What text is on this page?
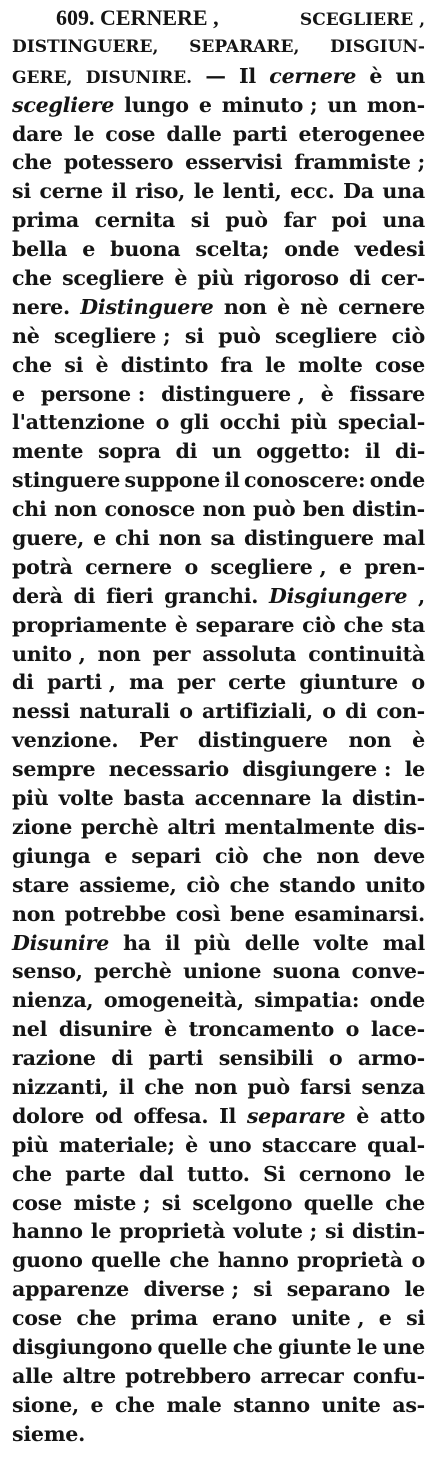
609. CERNERE ,	SCEGLIERE ,
DISTINGUERE, SEPARARE, DISGIUN-
GERE, DISUNIRE. — Il cernere è un
scegliere lungo e minuto ; un mon-
dare le cose dalle parti eterogenee
che potessero esservisi frammiste ;
si cerne il riso, le lenti, ecc. Da una
prima cernita si può far poi una
bella e buona scelta; onde vedesi
che scegliere è più rigoroso di cer-
nere. Distinguere non è nè cernere
nè scegliere ; si può scegliere ciò
che si è distinto fra le molte cose
e persone : distinguere , è fissare
l'attenzione o gli occhi più special-
mente sopra di un oggetto: il di-
stinguere suppone il conoscere: onde
chi non conosce non può ben distin-
guere, e chi non sa distinguere mal
potrà cernere o scegliere , e pren-
derà di fieri granchi. Disgiungere ,
propriamente è separare ciò che sta
unito , non per assoluta continuità
di parti , ma per certe giunture o
nessi naturali o artifiziali, o di con-
venzione. Per distinguere non è
sempre necessario disgiungere : le
più volte basta accennare la distin-
zione perchè altri mentalmente dis-
giunga e separi ciò che non deve
stare assieme, ciò che stando unito
non potrebbe così bene esaminarsi.
Disunire ha il più delle volte mal
senso, perchè unione suona conve-
nienza, omogeneità, simpatia: onde
nel disunire è troncamento o lace-
razione di parti sensibili o armo-
nizzanti, il che non può farsi senza
dolore od offesa. Il separare è atto
più materiale; è uno staccare qual-
che parte dal tutto. Si cernono le
cose miste ; si scelgono quelle che
hanno le proprietà volute ; si distin-
guono quelle che hanno proprietà o
apparenze diverse ; si separano le
cose che prima erano unite , e si
disgiungono quelle che giunte le une
alle altre potrebbero arrecar confu-
sione, e che male stanno unite as-
sieme.
